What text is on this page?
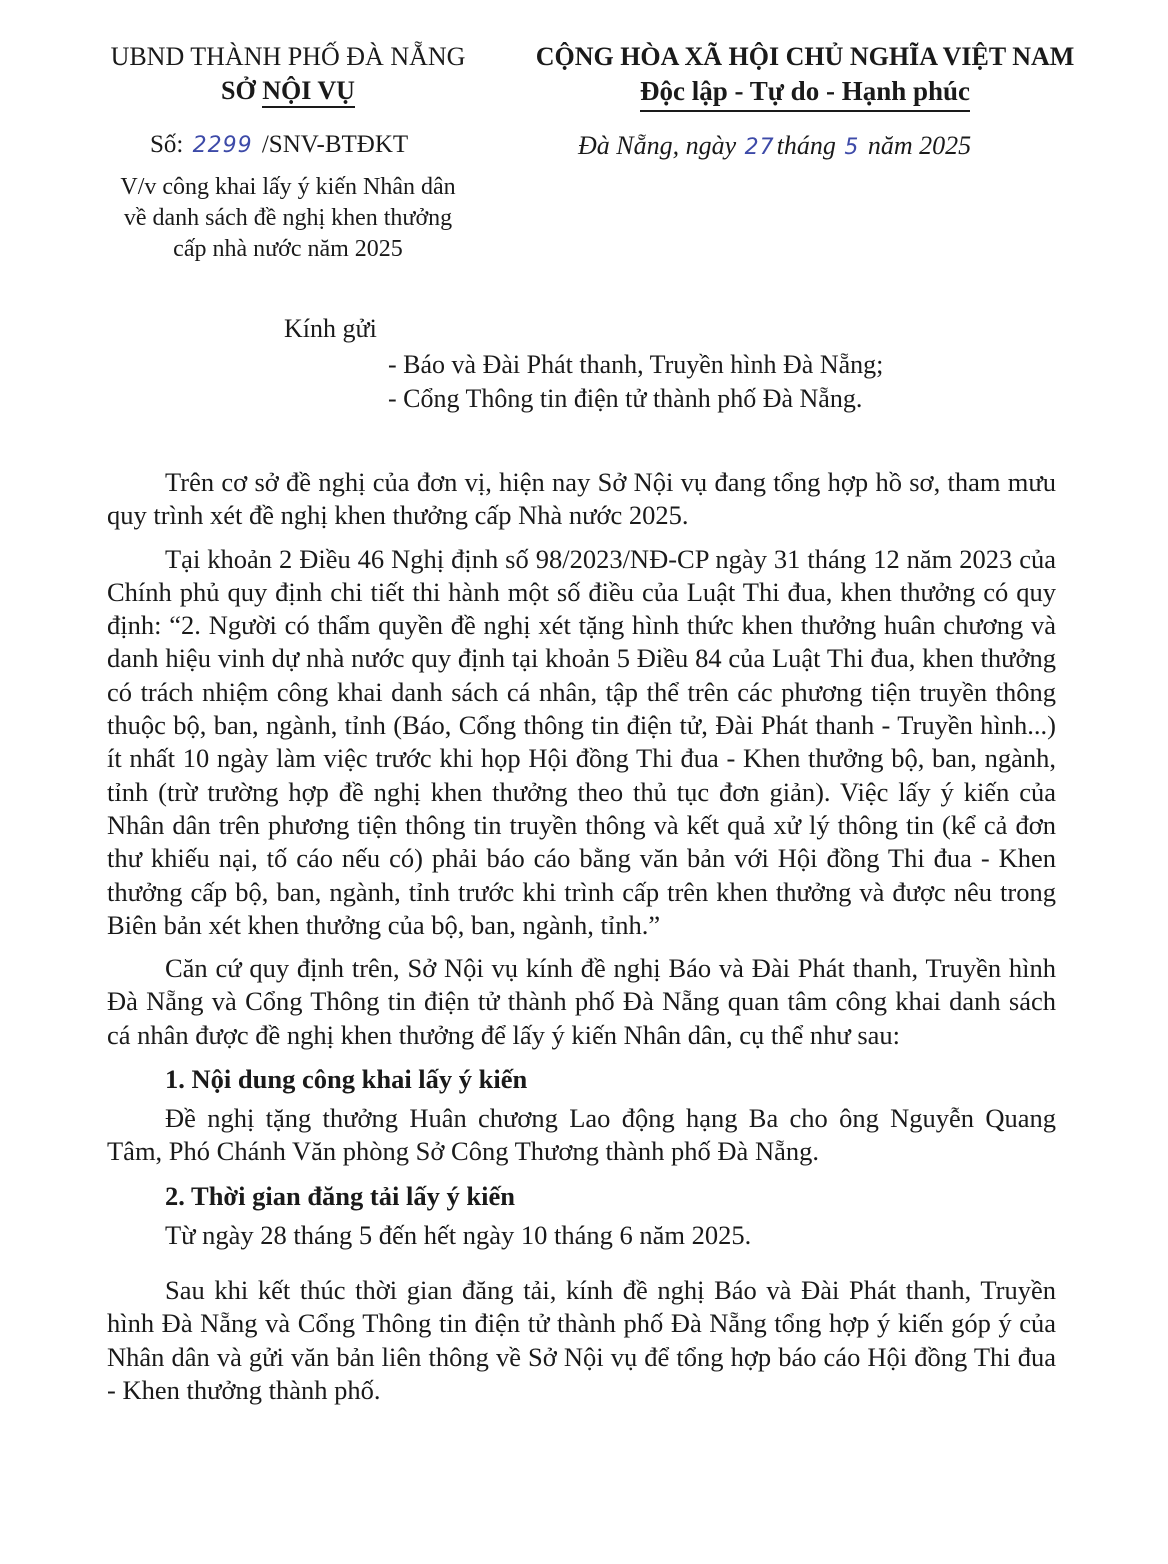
UBND THÀNH PHỐ ĐÀ NẴNG
SỞ NỘI VỤ
CỘNG HÒA XÃ HỘI CHỦ NGHĨA VIỆT NAM
Độc lập - Tự do - Hạnh phúc
Số: 2299 /SNV-BTĐKT	Đà Nẵng, ngày 27tháng 5 năm 2025
V/v công khai lấy ý kiến Nhân dân
về danh sách đề nghị khen thưởng
cấp nhà nước năm 2025
Kính gửi
- Báo và Đài Phát thanh, Truyền hình Đà Nẵng;
- Cổng Thông tin điện tử thành phố Đà Nẵng.

Trên cơ sở đề nghị của đơn vị, hiện nay Sở Nội vụ đang tổng hợp hồ sơ, tham mưu quy trình xét đề nghị khen thưởng cấp Nhà nước 2025.

Tại khoản 2 Điều 46 Nghị định số 98/2023/NĐ-CP ngày 31 tháng 12 năm 2023 của Chính phủ quy định chi tiết thi hành một số điều của Luật Thi đua, khen thưởng có quy định: “2. Người có thẩm quyền đề nghị xét tặng hình thức khen thưởng huân chương và danh hiệu vinh dự nhà nước quy định tại khoản 5 Điều 84 của Luật Thi đua, khen thưởng có trách nhiệm công khai danh sách cá nhân, tập thể trên các phương tiện truyền thông thuộc bộ, ban, ngành, tỉnh (Báo, Cổng thông tin điện tử, Đài Phát thanh - Truyền hình...) ít nhất 10 ngày làm việc trước khi họp Hội đồng Thi đua - Khen thưởng bộ, ban, ngành, tỉnh (trừ trường hợp đề nghị khen thưởng theo thủ tục đơn giản). Việc lấy ý kiến của Nhân dân trên phương tiện thông tin truyền thông và kết quả xử lý thông tin (kể cả đơn thư khiếu nại, tố cáo nếu có) phải báo cáo bằng văn bản với Hội đồng Thi đua - Khen thưởng cấp bộ, ban, ngành, tỉnh trước khi trình cấp trên khen thưởng và được nêu trong Biên bản xét khen thưởng của bộ, ban, ngành, tỉnh.”

Căn cứ quy định trên, Sở Nội vụ kính đề nghị Báo và Đài Phát thanh, Truyền hình Đà Nẵng và Cổng Thông tin điện tử thành phố Đà Nẵng quan tâm công khai danh sách cá nhân được đề nghị khen thưởng để lấy ý kiến Nhân dân, cụ thể như sau:

1. Nội dung công khai lấy ý kiến

Đề nghị tặng thưởng Huân chương Lao động hạng Ba cho ông Nguyễn Quang Tâm, Phó Chánh Văn phòng Sở Công Thương thành phố Đà Nẵng.

2. Thời gian đăng tải lấy ý kiến

Từ ngày 28 tháng 5 đến hết ngày 10 tháng 6 năm 2025.

Sau khi kết thúc thời gian đăng tải, kính đề nghị Báo và Đài Phát thanh, Truyền hình Đà Nẵng và Cổng Thông tin điện tử thành phố Đà Nẵng tổng hợp ý kiến góp ý của Nhân dân và gửi văn bản liên thông về Sở Nội vụ để tổng hợp báo cáo Hội đồng Thi đua - Khen thưởng thành phố.
